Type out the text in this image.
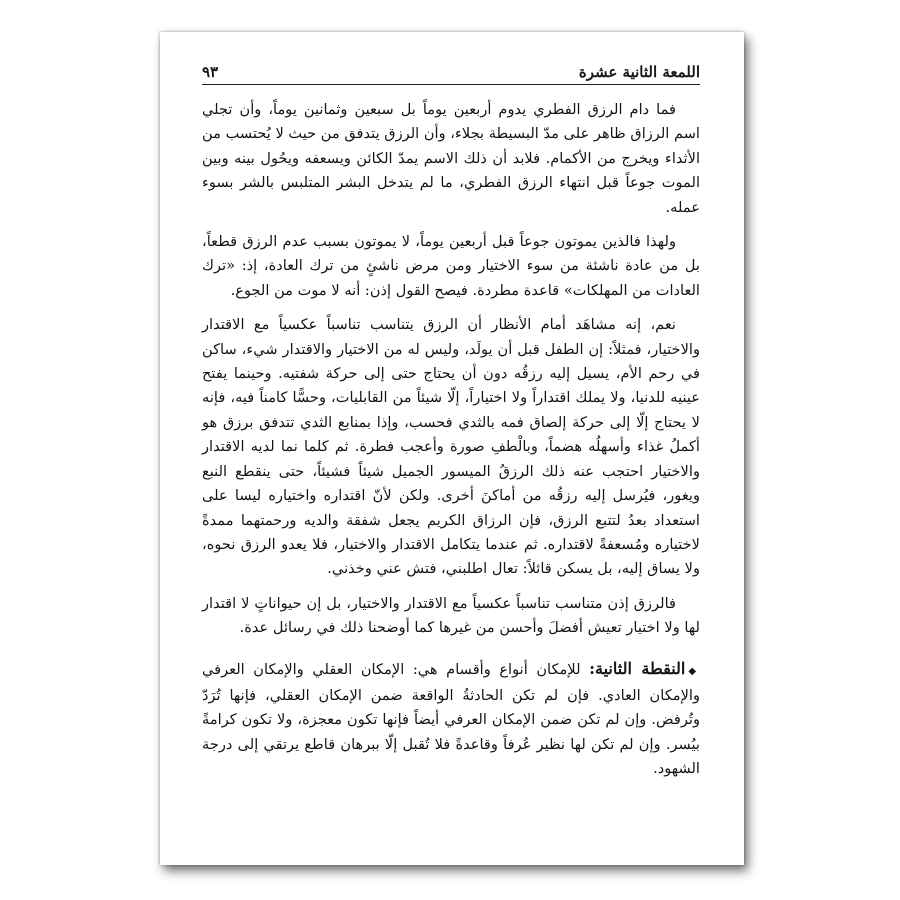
اللمعة الثانية عشرة
٩٣

فما دام الرزق الفطري يدوم أربعين يوماً بل سبعين وثمانين يوماً، وأن تجلي اسم الرزاق ظاهر على مدّ البسيطة بجلاء، وأن الرزق يتدفق من حيث لا يُحتسب من الأثداء ويخرج من الأكمام. فلابد أن ذلك الاسم يمدّ الكائن ويسعفه ويحُول بينه وبين الموت جوعاً قبل انتهاء الرزق الفطري، ما لم يتدخل البشر المتلبس بالشر بسوء عمله.

ولهذا فالذين يموتون جوعاً قبل أربعين يوماً، لا يموتون بسبب عدم الرزق قطعاً، بل من عادة ناشئة من سوء الاختيار ومن مرض ناشئٍ من ترك العادة، إذ: «ترك العادات من المهلكات» قاعدة مطردة. فيصح القول إذن: أنه لا موت من الجوع.

نعم، إنه مشاهَد أمام الأنظار أن الرزق يتناسب تناسباً عكسياً مع الاقتدار والاختيار، فمثلاً: إن الطفل قبل أن يولَد، وليس له من الاختيار والاقتدار شيء، ساكن في رحم الأم، يسيل إليه رزقُه دون أن يحتاج حتى إلى حركة شفتيه. وحينما يفتح عينيه للدنيا، ولا يملك اقتداراً ولا اختياراً، إلّا شيئاً من القابليات، وحسًّا كامناً فيه، فإنه لا يحتاج إلّا إلى حركة إلصاق فمه بالثدي فحسب، وإذا بمنابع الثدي تتدفق برزق هو أكملُ غذاء وأسهلُه هضماً، وبالْطفِ صورة وأعجب فطرة. ثم كلما نما لديه الاقتدار والاختيار احتجب عنه ذلك الرزقُ الميسور الجميل شيئاً فشيئاً، حتى ينقطع النبع ويغور، فيُرسل إليه رزقُه من أماكنَ أخرى. ولكن لأنّ اقتداره واختياره ليسا على استعداد بعدُ لتتبع الرزق، فإن الرزاق الكريم يجعل شفقة والديه ورحمتهما ممدةً لاختياره ومُسعفةً لاقتداره. ثم عندما يتكامل الاقتدار والاختيار، فلا يعدو الرزق نحوه، ولا يساق إليه، بل يسكن قائلاً: تعال اطلبني، فتش عني وخذني.

فالرزق إذن متناسب تناسباً عكسياً مع الاقتدار والاختيار، بل إن حيواناتٍ لا اقتدار لها ولا اختيار تعيش أفضلَ وأحسن من غيرها كما أوضحنا ذلك في رسائل عدة.

◆النقطة الثانية: للإمكان أنواع وأقسام هي: الإمكان العقلي والإمكان العرفي والإمكان العادي. فإن لم تكن الحادثةُ الواقعة ضمن الإمكان العقلي، فإنها تُرَدّ وتُرفض. وإن لم تكن ضمن الإمكان العرفي أيضاً فإنها تكون معجزة، ولا تكون كرامةً بيُسر. وإن لم تكن لها نظير عُرفاً وقاعدةً فلا تُقبل إلّا ببرهان قاطع يرتقي إلى درجة الشهود.
